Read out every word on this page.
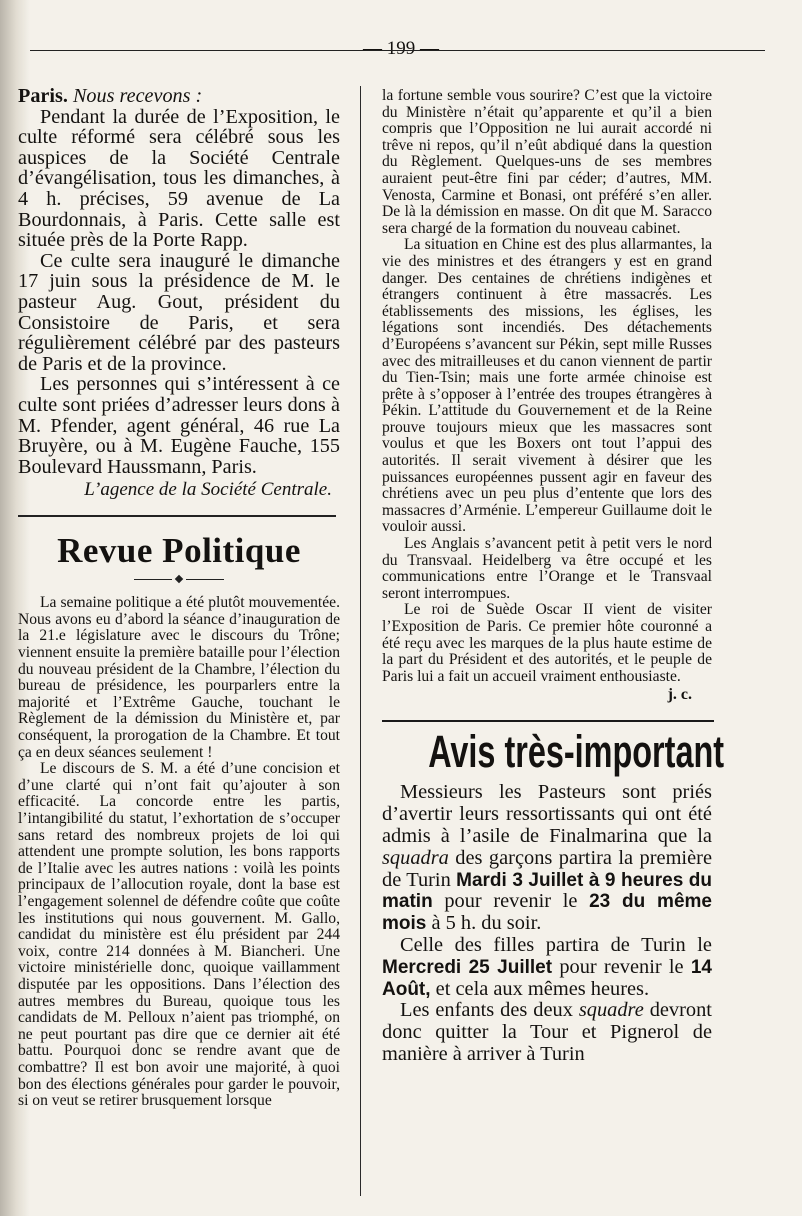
— 199 —

Paris. Nous recevons :

Pendant la durée de l’Exposition, le culte réformé sera célébré sous les auspices de la Société Centrale d’évangélisation, tous les dimanches, à 4 h. précises, 59 avenue de La Bourdonnais, à Paris. Cette salle est située près de la Porte Rapp.

Ce culte sera inauguré le dimanche 17 juin sous la présidence de M. le pasteur Aug. Gout, président du Consistoire de Paris, et sera régulièrement célébré par des pasteurs de Paris et de la province.

Les personnes qui s’intéressent à ce culte sont priées d’adresser leurs dons à M. Pfender, agent général, 46 rue La Bruyère, ou à M. Eugène Fauche, 155 Boulevard Haussmann, Paris.

L’agence de la Société Centrale.
Revue Politique

La semaine politique a été plutôt mouvementée. Nous avons eu d’abord la séance d’inauguration de la 21.e législature avec le discours du Trône; viennent ensuite la première bataille pour l’élection du nouveau président de la Chambre, l’élection du bureau de présidence, les pourparlers entre la majorité et l’Extrême Gauche, touchant le Règlement de la démission du Ministère et, par conséquent, la prorogation de la Chambre. Et tout ça en deux séances seulement !

Le discours de S. M. a été d’une concision et d’une clarté qui n’ont fait qu’ajouter à son efficacité. La concorde entre les partis, l’intangibilité du statut, l’exhortation de s’occuper sans retard des nombreux projets de loi qui attendent une prompte solution, les bons rapports de l’Italie avec les autres nations : voilà les points principaux de l’allocution royale, dont la base est l’engagement solennel de défendre coûte que coûte les institutions qui nous gouvernent. M. Gallo, candidat du ministère est élu président par 244 voix, contre 214 données à M. Biancheri. Une victoire ministérielle donc, quoique vaillamment disputée par les oppositions. Dans l’élection des autres membres du Bureau, quoique tous les candidats de M. Pelloux n’aient pas triomphé, on ne peut pourtant pas dire que ce dernier ait été battu. Pourquoi donc se rendre avant que de combattre? Il est bon avoir une majorité, à quoi bon des élections générales pour garder le pouvoir, si on veut se retirer brusquement lorsque

la fortune semble vous sourire? C’est que la victoire du Ministère n’était qu’apparente et qu’il a bien compris que l’Opposition ne lui aurait accordé ni trêve ni repos, qu’il n’eût abdiqué dans la question du Règlement. Quelques-uns de ses membres auraient peut-être fini par céder; d’autres, MM. Venosta, Carmine et Bonasi, ont préféré s’en aller. De là la démission en masse. On dit que M. Saracco sera chargé de la formation du nouveau cabinet.

La situation en Chine est des plus allarmantes, la vie des ministres et des étrangers y est en grand danger. Des centaines de chrétiens indigènes et étrangers continuent à être massacrés. Les établissements des missions, les églises, les légations sont incendiés. Des détachements d’Européens s’avancent sur Pékin, sept mille Russes avec des mitrailleuses et du canon viennent de partir du Tien-Tsin; mais une forte armée chinoise est prête à s’opposer à l’entrée des troupes étrangères à Pékin. L’attitude du Gouvernement et de la Reine prouve toujours mieux que les massacres sont voulus et que les Boxers ont tout l’appui des autorités. Il serait vivement à désirer que les puissances européennes pussent agir en faveur des chrétiens avec un peu plus d’entente que lors des massacres d’Arménie. L’empereur Guillaume doit le vouloir aussi.

Les Anglais s’avancent petit à petit vers le nord du Transvaal. Heidelberg va être occupé et les communications entre l’Orange et le Transvaal seront interrompues.

Le roi de Suède Oscar II vient de visiter l’Exposition de Paris. Ce premier hôte couronné a été reçu avec les marques de la plus haute estime de la part du Président et des autorités, et le peuple de Paris lui a fait un accueil vraiment enthousiaste.

j. c.
Avis très-important
Messieurs les Pasteurs sont priés d’avertir leurs ressortissants qui ont été admis à l’asile de Finalmarina que la squadra des garçons partira la première de Turin Mardi 3 Juillet à 9 heures du matin pour revenir le 23 du même mois à 5 h. du soir.
Celle des filles partira de Turin le Mercredi 25 Juillet pour revenir le 14 Août, et cela aux mêmes heures.
Les enfants des deux squadre devront donc quitter la Tour et Pignerol de manière à arriver à Turin
